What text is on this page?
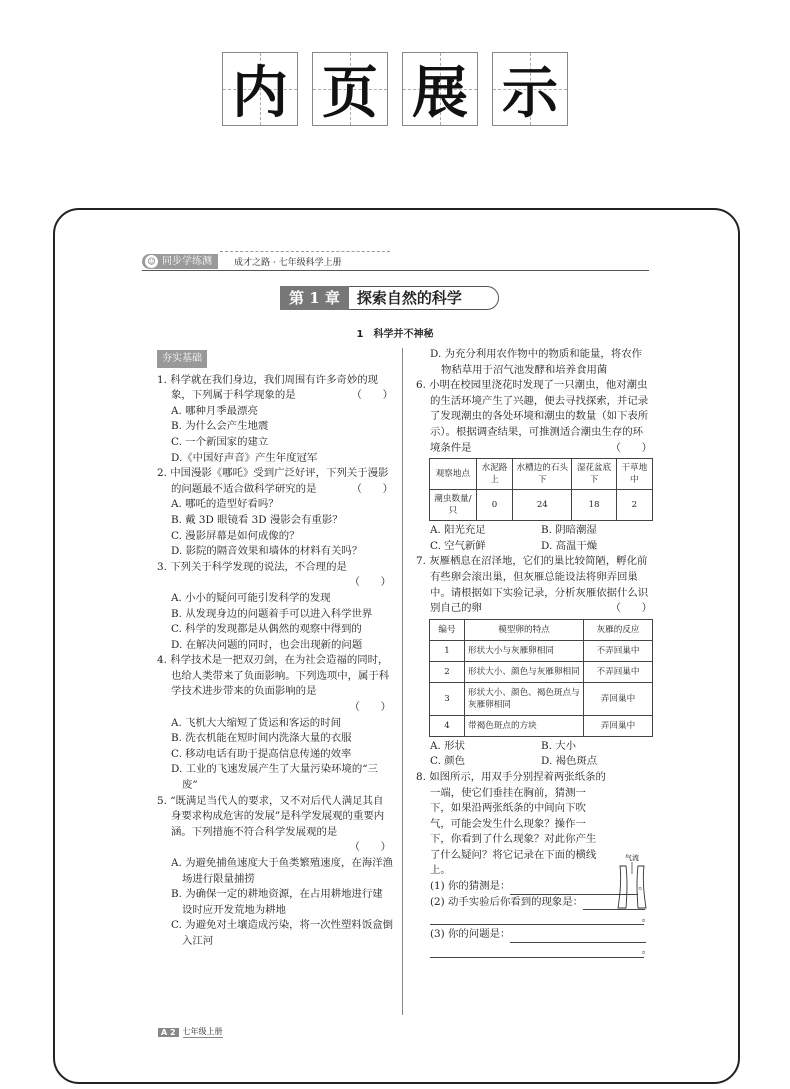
内 页 展 示
☺ 同步学练测	成才之路 · 七年级科学上册
第 1 章	探索自然的科学
1　科学并不神秘
夯实基础

1. 科学就在我们身边，我们周围有许多奇妙的现象，下列属于科学现象的是	（　　）

A. 哪种月季最漂亮

B. 为什么会产生地震

C. 一个新国家的建立

D.《中国好声音》产生年度冠军

2. 中国漫影《哪吒》受到广泛好评，下列关于漫影的问题最不适合做科学研究的是	（　　）

A. 哪吒的造型好看吗？

B. 戴 3D 眼镜看 3D 漫影会有重影？

C. 漫影屏幕是如何成像的？

D. 影院的隔音效果和墙体的材料有关吗？

3. 下列关于科学发现的说法，不合理的是
（　　）

A. 小小的疑问可能引发科学的发现

B. 从发现身边的问题着手可以进入科学世界

C. 科学的发现都是从偶然的观察中得到的

D. 在解决问题的同时，也会出现新的问题

4. 科学技术是一把双刃剑，在为社会造福的同时，也给人类带来了负面影响。下列选项中，属于科学技术进步带来的负面影响的是
（　　）

A. 飞机大大缩短了货运和客运的时间

B. 洗衣机能在短时间内洗涤大量的衣服

C. 移动电话有助于提高信息传递的效率

D. 工业的飞速发展产生了大量污染环境的“三废”

5. “既满足当代人的要求，又不对后代人满足其自身要求构成危害的发展”是科学发展观的重要内涵。下列措施不符合科学发展观的是
（　　）

A. 为避免捕鱼速度大于鱼类繁殖速度，在海洋渔场进行限量捕捞

B. 为确保一定的耕地资源，在占用耕地进行建设时应开发荒地为耕地

C. 为避免对土壤造成污染，将一次性塑料饭盒倒入江河

D. 为充分利用农作物中的物质和能量，将农作物秸草用于沼气池发酵和培养食用菌

6. 小明在校园里浇花时发现了一只潮虫，他对潮虫的生活环境产生了兴趣，便去寻找探索，并记录了发现潮虫的各处环境和潮虫的数量（如下表所示）。根据调查结果，可推测适合潮虫生存的环境条件是	（　　）

观察地点	水泥路上	水槽边的石头下	湿花盆底下	干草地中
潮虫数量/只	0	24	18	2
A. 阳光充足	B. 阴暗潮湿
C. 空气新鲜	D. 高温干燥

7. 灰雁栖息在沼泽地，它们的巢比较简陋，孵化前有些卵会滚出巢，但灰雁总能设法将卵弄回巢中。请根据如下实验记录，分析灰雁依据什么识别自己的卵	（　　）

编号	模型卵的特点	灰雁的反应
1	形状大小与灰雁卵相同	不弄回巢中
2	形状大小、颜色与灰雁卵相同	不弄回巢中
3	形状大小、颜色、褐色斑点与灰雁卵相同	弄回巢中
4	带褐色斑点的方块	弄回巢中
A. 形状	B. 大小
C. 颜色	D. 褐色斑点

8. 如图所示，用双手分别捏着两张纸条的一端，使它们垂挂在胸前，猜测一下，如果沿两张纸条的中间向下吹气，可能会发生什么现象？操作一下，你看到了什么现象？对此你产生了什么疑问？将它记录在下面的横线上。

(1) 你的猜测是：	。

(2) 动手实验后你看到的现象是：

。

(3) 你的问题是：

。
气流
A 2 七年级上册
